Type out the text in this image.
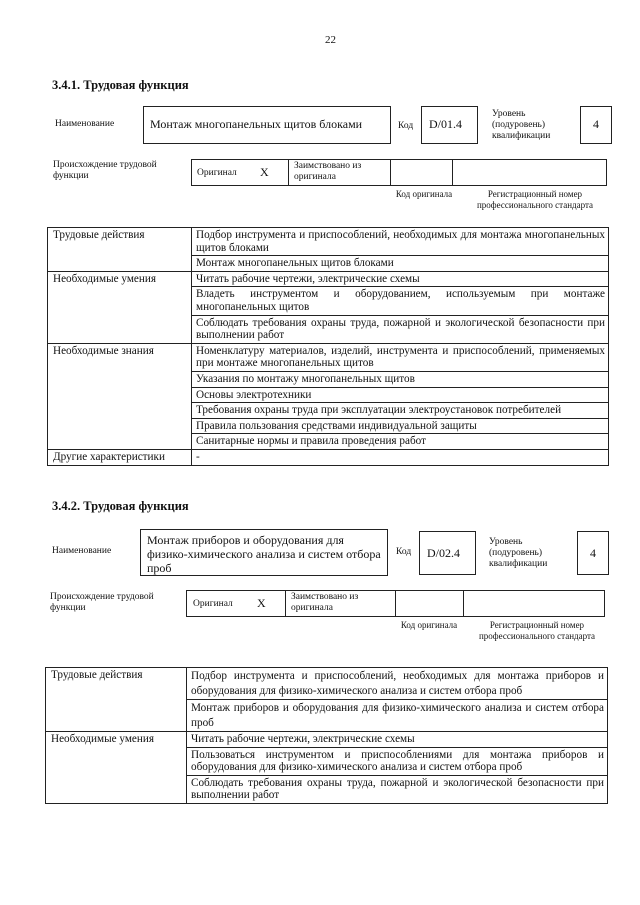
22
3.4.1. Трудовая функция
Наименование	Монтаж многопанельных щитов блоками	Код	D/01.4
Уровень (подуровень) квалификации
4
Происхождение трудовой функции	Оригинал X	Заимствовано из оригинала
Код оригинала	Регистрационный номер профессионального стандарта
Трудовые действия	Подбор инструмента и приспособлений, необходимых для монтажа многопанельных щитов блоками
	Монтаж многопанельных щитов блоками
Необходимые умения	Читать рабочие чертежи, электрические схемы
	Владеть инструментом и оборудованием, используемым при монтаже многопанельных щитов
	Соблюдать требования охраны труда, пожарной и экологической безопасности при выполнении работ
Необходимые знания	Номенклатуру материалов, изделий, инструмента и приспособлений, применяемых при монтаже многопанельных щитов
	Указания по монтажу многопанельных щитов
	Основы электротехники
	Требования охраны труда при эксплуатации электроустановок потребителей
	Правила пользования средствами индивидуальной защиты
	Санитарные нормы и правила проведения работ
Другие характеристики	-
3.4.2. Трудовая функция
Наименование
Монтаж приборов и оборудования для физико-химического анализа и систем отбора проб
Код	D/02.4
Уровень (подуровень) квалификации
4
Происхождение трудовой функции	Оригинал X	Заимствовано из оригинала
Код оригинала	Регистрационный номер профессионального стандарта
Трудовые действия	Подбор инструмента и приспособлений, необходимых для монтажа приборов и оборудования для физико-химического анализа и систем отбора проб
	Монтаж приборов и оборудования для физико-химического анализа и систем отбора проб
Необходимые умения	Читать рабочие чертежи, электрические схемы
	Пользоваться инструментом и приспособлениями для монтажа приборов и оборудования для физико-химического анализа и систем отбора проб
	Соблюдать требования охраны труда, пожарной и экологической безопасности при выполнении работ
